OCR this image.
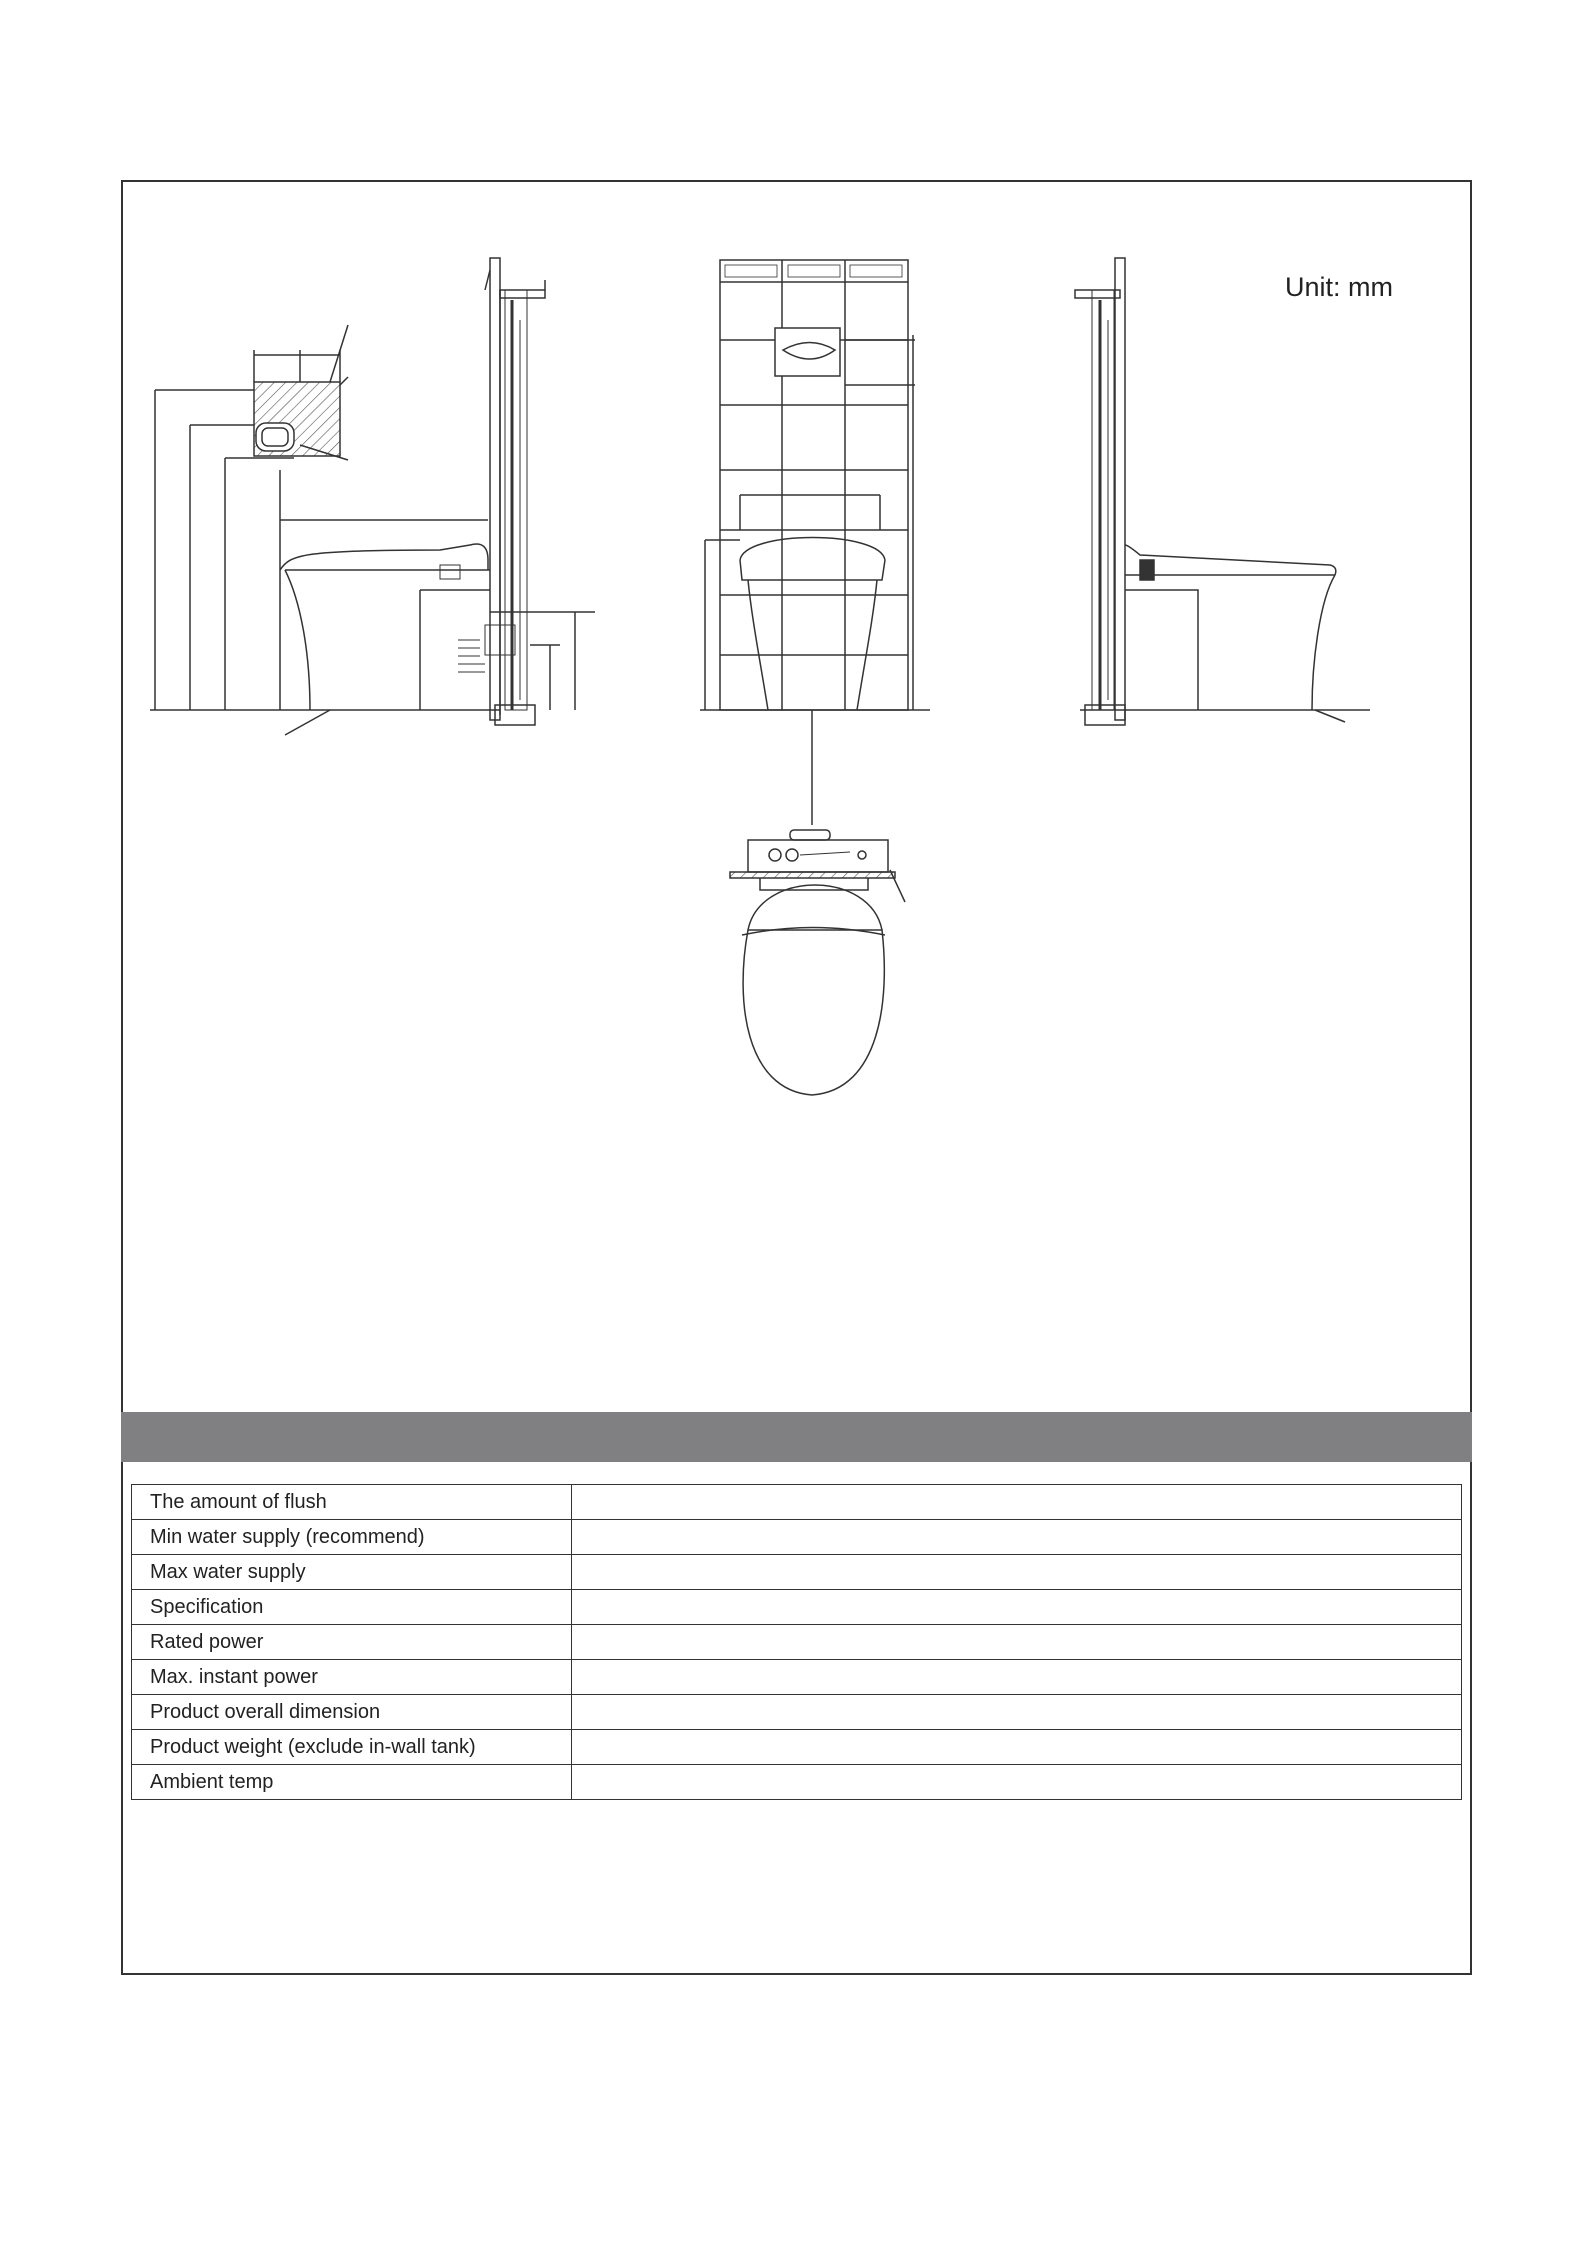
Unit: mm
The amount of flush	
Min water supply (recommend)	
Max water supply	
Specification	
Rated power	
Max. instant power	
Product overall dimension	
Product weight (exclude in-wall tank)	
Ambient temp	
